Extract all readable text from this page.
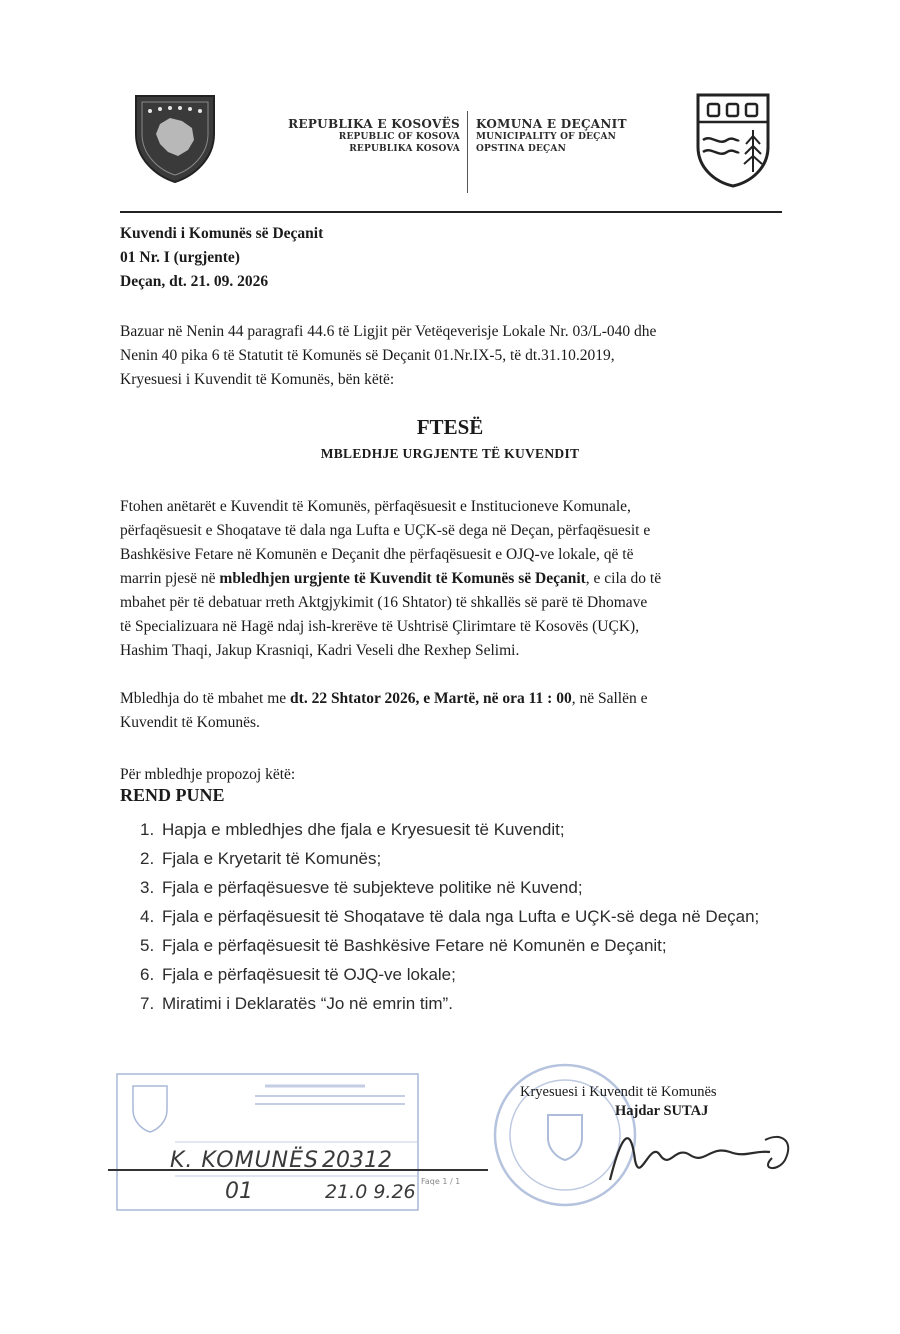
REPUBLIKA E KOSOVËS
REPUBLIC OF KOSOVA
REPUBLIKA KOSOVA
KOMUNA E DEÇANIT
MUNICIPALITY OF DEÇAN
OPSTINA DEÇAN
Kuvendi i Komunës së Deçanit
01 Nr. I (urgjente)
Deçan, dt. 21. 09. 2026
Bazuar në Nenin 44 paragrafi 44.6 të Ligjit për Vetëqeverisje Lokale Nr. 03/L-040 dhe
Nenin 40 pika 6 të Statutit të Komunës së Deçanit 01.Nr.IX-5, të dt.31.10.2019,
Kryesuesi i Kuvendit të Komunës, bën këtë:
FTESË
MBLEDHJE URGJENTE TË KUVENDIT
Ftohen anëtarët e Kuvendit të Komunës, përfaqësuesit e Institucioneve Komunale,
përfaqësuesit e Shoqatave të dala nga Lufta e UÇK-së dega në Deçan, përfaqësuesit e
Bashkësive Fetare në Komunën e Deçanit dhe përfaqësuesit e OJQ-ve lokale, që të
marrin pjesë në mbledhjen urgjente të Kuvendit të Komunës së Deçanit, e cila do të
mbahet për të debatuar rreth Aktgjykimit (16 Shtator) të shkallës së parë të Dhomave
të Specializuara në Hagë ndaj ish-krerëve të Ushtrisë Çlirimtare të Kosovës (UÇK),
Hashim Thaqi, Jakup Krasniqi, Kadri Veseli dhe Rexhep Selimi.
Mbledhja do të mbahet me dt. 22 Shtator 2026, e Martë, në ora 11 : 00, në Sallën e
Kuvendit të Komunës.
Për mbledhje propozoj këtë:
REND PUNE
1. Hapja e mbledhjes dhe fjala e Kryesuesit të Kuvendit;
2. Fjala e Kryetarit të Komunës;
3. Fjala e përfaqësuesve të subjekteve politike në Kuvend;
4. Fjala e përfaqësuesit të Shoqatave të dala nga Lufta e UÇK-së dega në Deçan;
5. Fjala e përfaqësuesit të Bashkësive Fetare në Komunën e Deçanit;
6. Fjala e përfaqësuesit të OJQ-ve lokale;
7. Miratimi i Deklaratës “Jo në emrin tim”.
K. KOMUNËS 20312
01	21.0 9.26 Faqe 1 / 1
Kryesuesi i Kuvendit të Komunës
Hajdar SUTAJ
